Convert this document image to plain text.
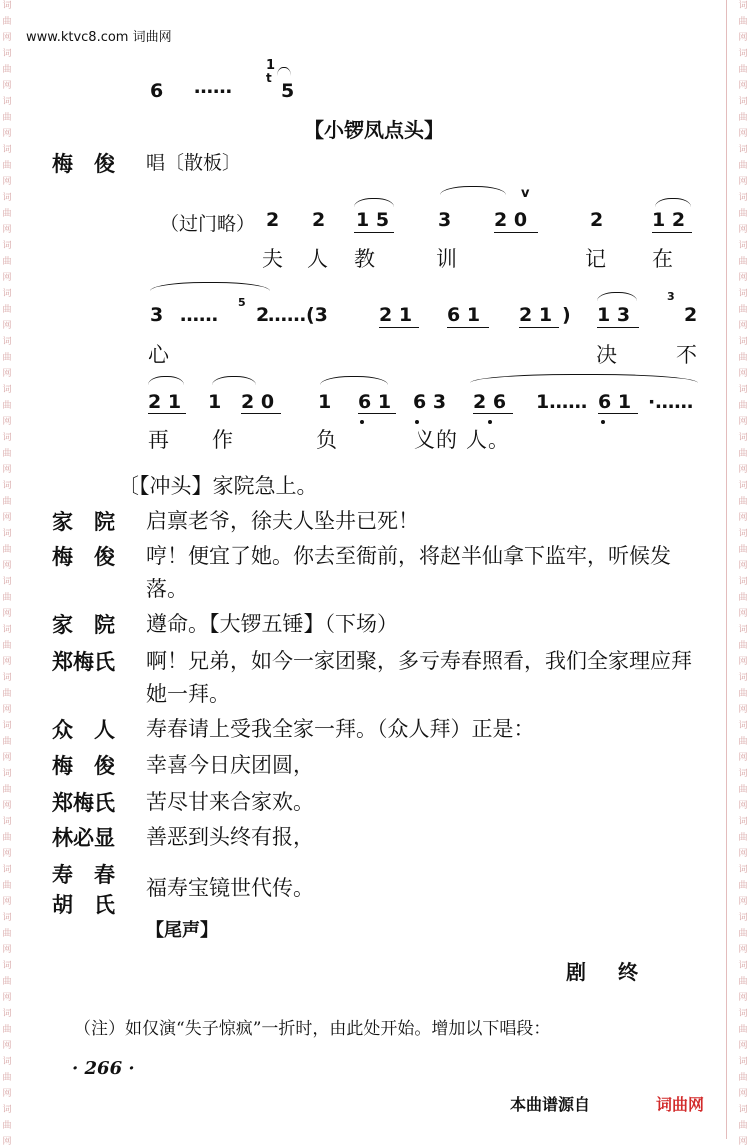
词
曲
网
词
曲
网
词
曲
网
词
曲
网
词
曲
网
词
曲
网
词
曲
网
词
曲
网
词
曲
网
词
曲
网
词
曲
网
词
曲
网
词
曲
网
词
曲
网
词
曲
网
词
曲
网
词
曲
网
词
曲
网
词
曲
网
词
曲
网
词
曲
网
词
曲
网
词
曲
网
词
曲
网
词
曲
网
词
曲
网
词
曲
网
词
曲
网
词
曲
网
词
曲
网
词
曲
网
词
曲
网
词
曲
网
词
曲
网
词
曲
网
词
曲
网
词
曲
网
词
曲
网
词
曲
网
词
曲
网
词
曲
网
词
曲
网
词
曲
网
词
曲
网
词
曲
网
词
曲
网
词
曲
网
词
曲
网
www.ktvc8.com 词曲网
6 ……
1
t
5
【小锣凤点头】
梅　俊 唱〔散板〕
（过门略） 2 2 1 5	3 2 0	2	1 2
v
夫 人 教	训	记 在
3 …… 2
……(3	2 1 6 1 2 1 ) 1 3	2
5	3
心	决	不
2 1 1 2 0 1 6 1 6 3 2 6 1…… 6 1 ·……
再 作	负	义的 人。
〔【冲头】家院急上。
家　院	启禀老爷，徐夫人坠井已死！
梅　俊	哼！便宜了她。你去至衙前，将赵半仙拿下监牢，听候发落。
家　院	遵命。【大锣五锤】（下场）
郑梅氏	啊！兄弟，如今一家团聚，多亏寿春照看，我们全家理应拜她一拜。
众　人	寿春请上受我全家一拜。（众人拜）正是：
梅　俊	幸喜今日庆团圆，
郑梅氏	苦尽甘来合家欢。
林必显	善恶到头终有报，
寿　春
胡　氏
福寿宝镜世代传。
【尾声】
剧　终
（注）如仅演“失子惊疯”一折时，由此处开始。增加以下唱段：
· 266 ·
本曲谱源自	词曲网
